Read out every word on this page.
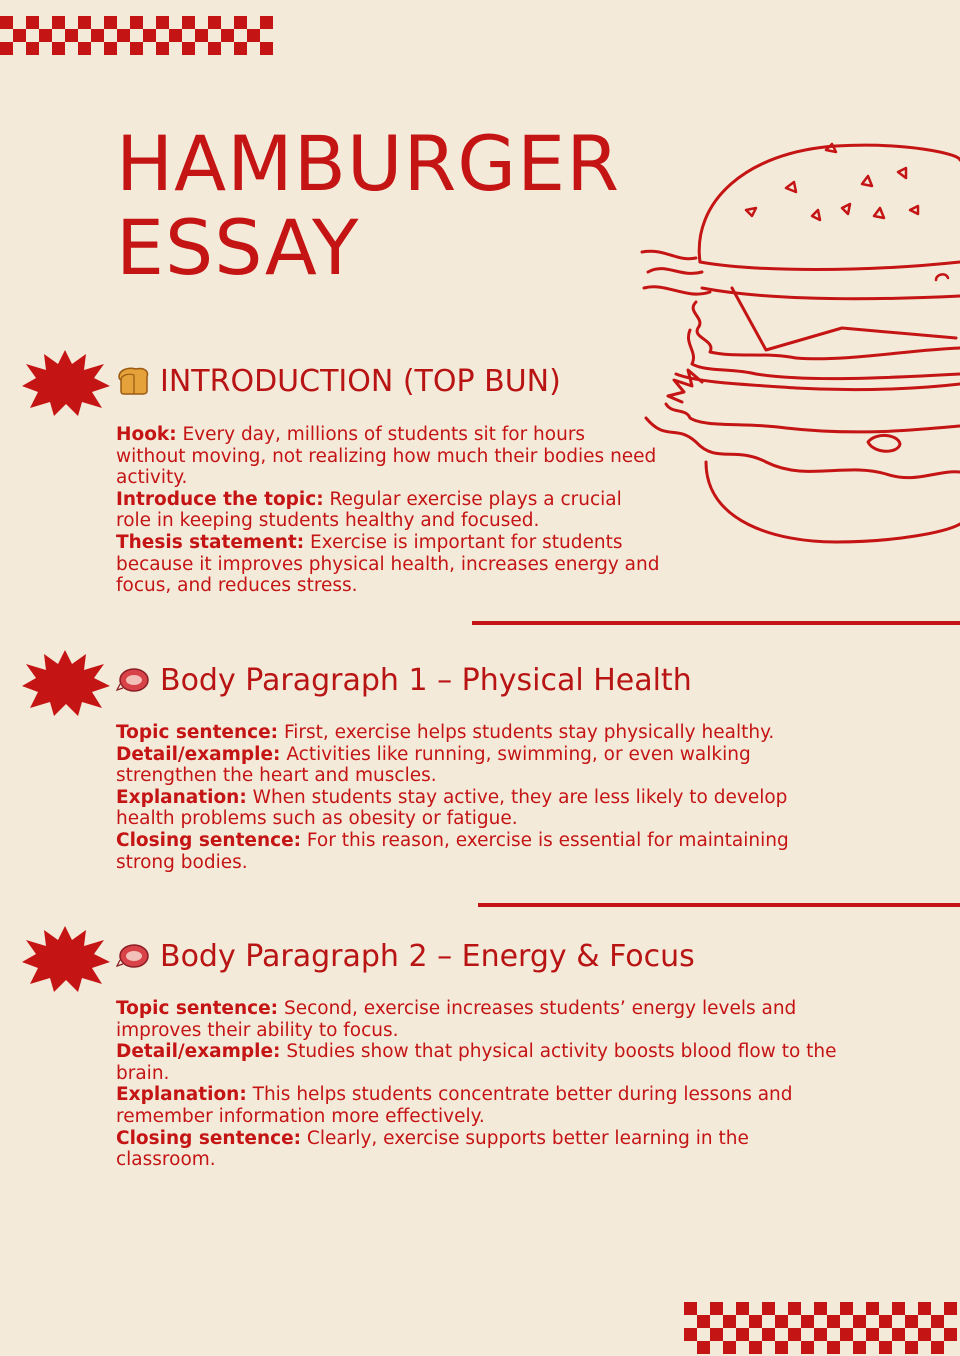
HAMBURGER
ESSAY
INTRODUCTION (TOP BUN)

Hook: Every day, millions of students sit for hours without moving, not realizing how much their bodies need activity.

Introduce the topic: Regular exercise plays a crucial role in keeping students healthy and focused.

Thesis statement: Exercise is important for students because it improves physical health, increases energy and focus, and reduces stress.

Body Paragraph 1 – Physical Health

Topic sentence: First, exercise helps students stay physically healthy.

Detail/example: Activities like running, swimming, or even walking strengthen the heart and muscles.

Explanation: When students stay active, they are less likely to develop health problems such as obesity or fatigue.

Closing sentence: For this reason, exercise is essential for maintaining strong bodies.

Body Paragraph 2 – Energy & Focus

Topic sentence: Second, exercise increases students’ energy levels and improves their ability to focus.

Detail/example: Studies show that physical activity boosts blood flow to the brain.

Explanation: This helps students concentrate better during lessons and remember information more effectively.

Closing sentence: Clearly, exercise supports better learning in the classroom.
